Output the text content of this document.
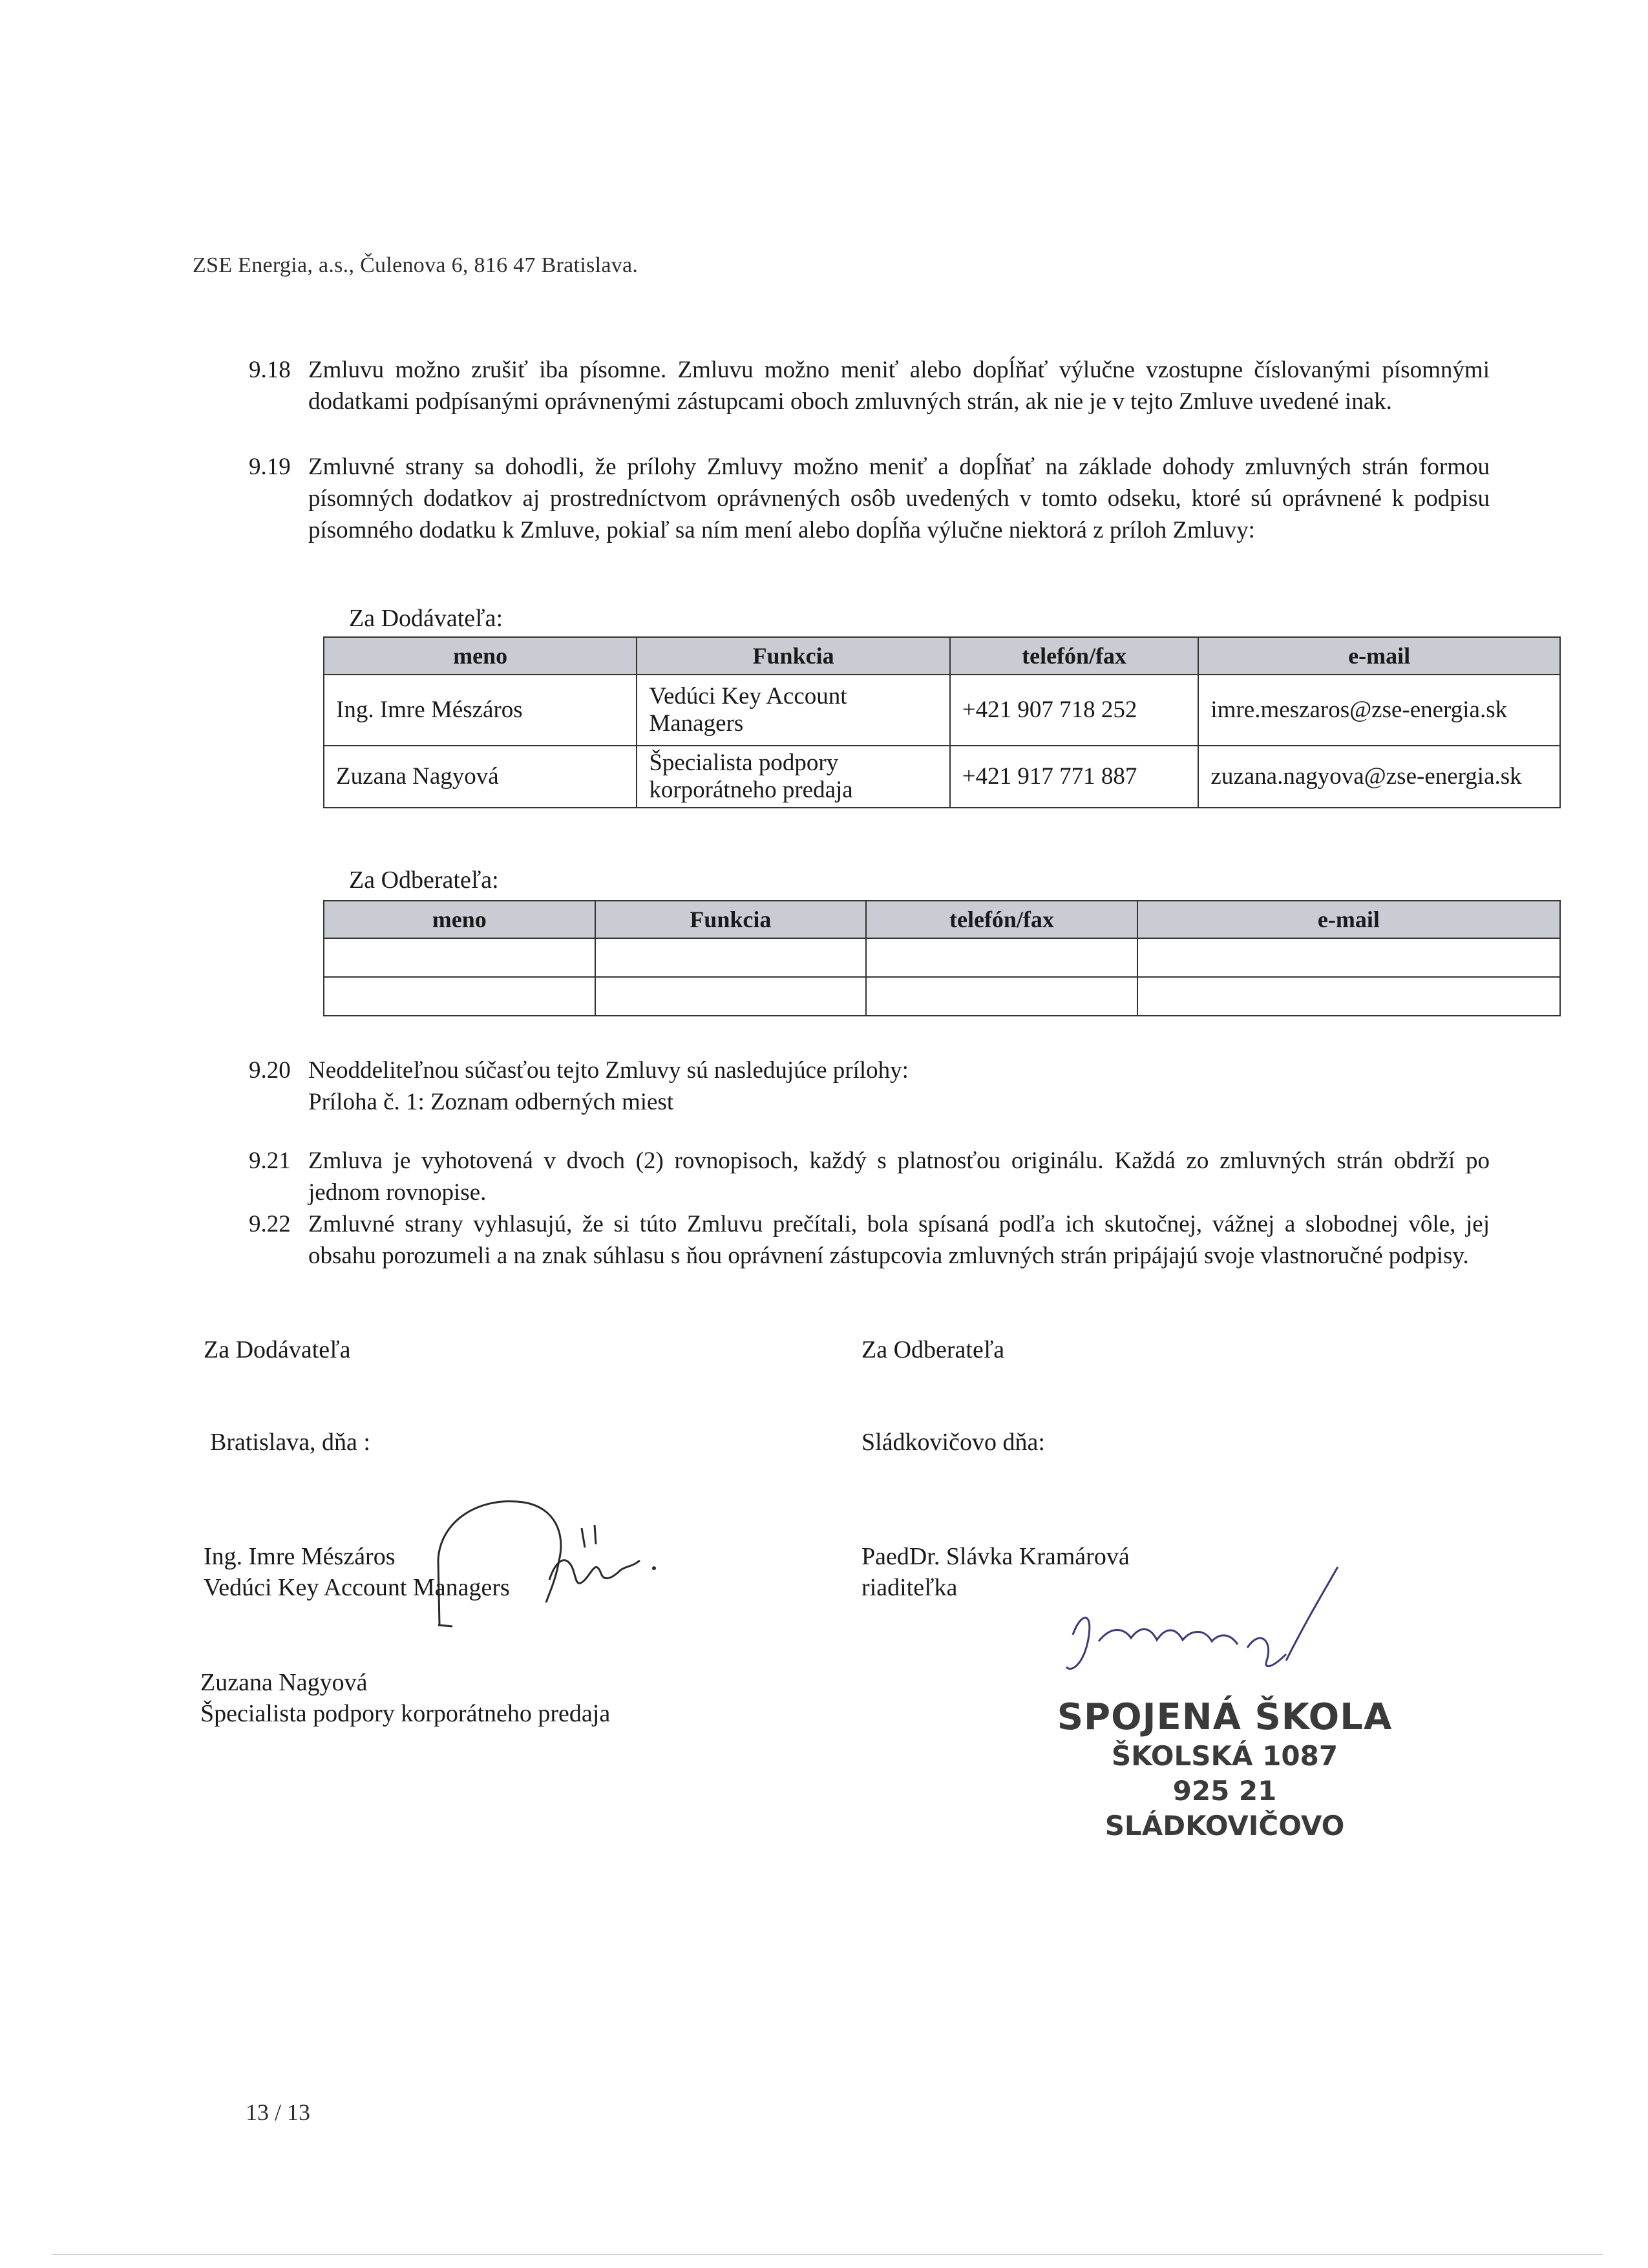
ZSE Energia, a.s., Čulenova 6, 816 47 Bratislava.
9.18 Zmluvu možno zrušiť iba písomne. Zmluvu možno meniť alebo dopĺňať výlučne vzostupne číslovanými písomnými dodatkami podpísanými oprávnenými zástupcami oboch zmluvných strán, ak nie je v tejto Zmluve uvedené inak.
9.19 Zmluvné strany sa dohodli, že prílohy Zmluvy možno meniť a dopĺňať na základe dohody zmluvných strán formou písomných dodatkov aj prostredníctvom oprávnených osôb uvedených v tomto odseku, ktoré sú oprávnené k podpisu písomného dodatku k Zmluve, pokiaľ sa ním mení alebo dopĺňa výlučne niektorá z príloh Zmluvy:
Za Dodávateľa:
meno	Funkcia	telefón/fax	e-mail
Ing. Imre Mészáros	Vedúci Key Account Managers	+421 907 718 252	imre.meszaros@zse-energia.sk
Zuzana Nagyová	Špecialista podpory korporátneho predaja	+421 917 771 887	zuzana.nagyova@zse-energia.sk
Za Odberateľa:
meno	Funkcia	telefón/fax	e-mail

9.20 Neoddeliteľnou súčasťou tejto Zmluvy sú nasledujúce prílohy:
Príloha č. 1: Zoznam odberných miest
9.21 Zmluva je vyhotovená v dvoch (2) rovnopisoch, každý s platnosťou originálu. Každá zo zmluvných strán obdrží po jednom rovnopise.
9.22 Zmluvné strany vyhlasujú, že si túto Zmluvu prečítali, bola spísaná podľa ich skutočnej, vážnej a slobodnej vôle, jej obsahu porozumeli a na znak súhlasu s ňou oprávnení zástupcovia zmluvných strán pripájajú svoje vlastnoručné podpisy.
Za Dodávateľa
Bratislava, dňa :
Ing. Imre Mészáros
Vedúci Key Account Managers
Zuzana Nagyová
Špecialista podpory korporátneho predaja
Za Odberateľa
Sládkovičovo dňa:
PaedDr. Slávka Kramárová
riaditeľka
SPOJENÁ ŠKOLA
ŠKOLSKÁ 1087
925 21 SLÁDKOVIČOVO
13 / 13
